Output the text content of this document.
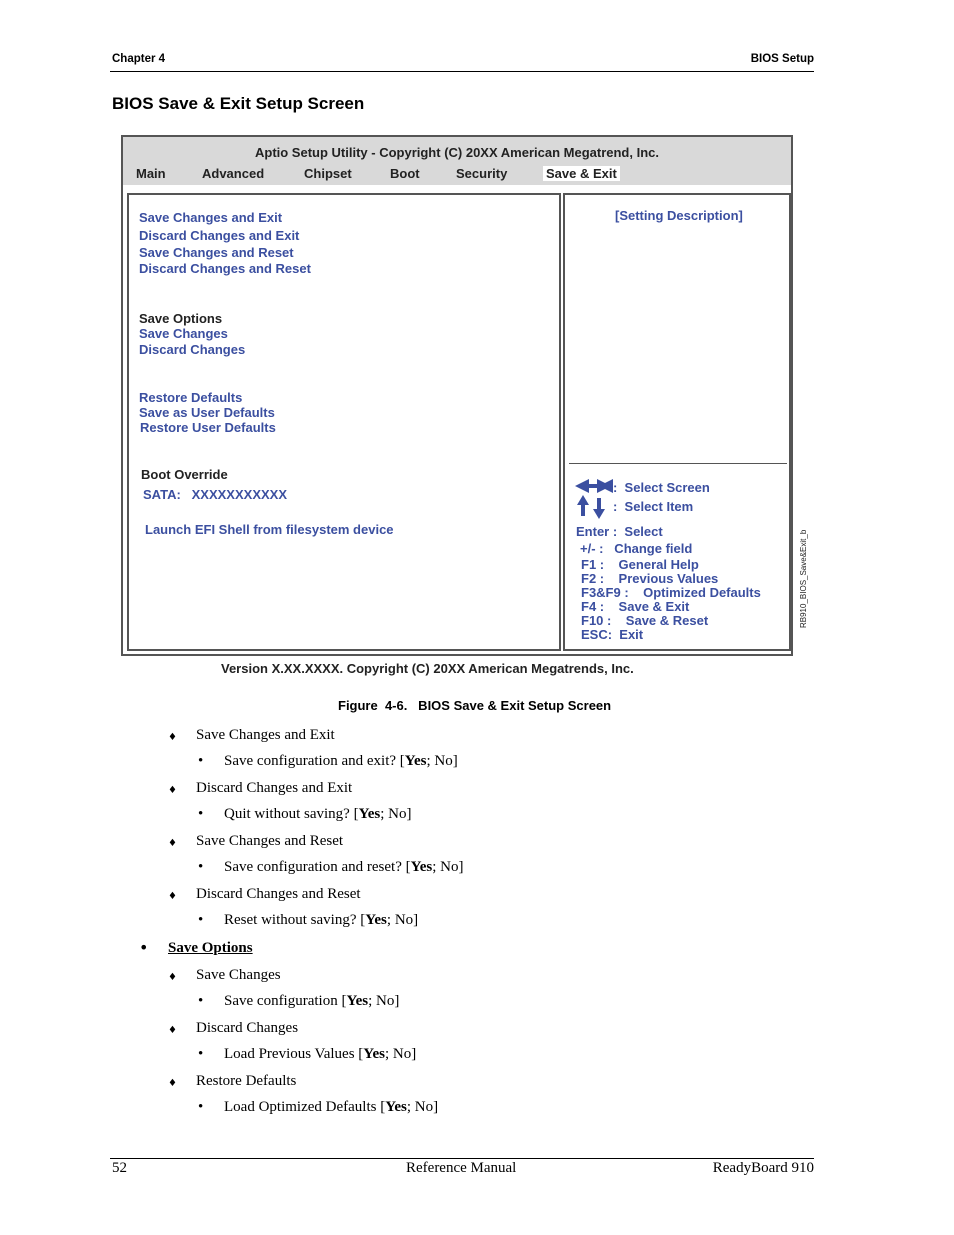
Chapter 4	BIOS Setup
BIOS Save & Exit Setup Screen
Aptio Setup Utility - Copyright (C) 20XX American Megatrend, Inc.
Main	Advanced	Chipset	Boot	Security	Save & Exit
Save Changes and Exit
Discard Changes and Exit
Save Changes and Reset
Discard Changes and Reset
Save Options
Save Changes
Discard Changes
Restore Defaults
Save as User Defaults
Restore User Defaults
Boot Override
SATA:   XXXXXXXXXXX
Launch EFI Shell from filesystem device
[Setting Description]
:  Select Screen
:  Select Item
Enter :  Select
+/- :   Change field
F1 :    General Help
F2 :    Previous Values
F3&F9 :    Optimized Defaults
F4 :    Save & Exit
F10 :    Save & Reset
ESC:  Exit
Version X.XX.XXXX. Copyright (C) 20XX American Megatrends, Inc.
RB910_BIOS_Save&Exit_b
Figure  4-6.   BIOS Save & Exit Setup Screen
♦ Save Changes and Exit
• Save configuration and exit? [Yes; No]
♦ Discard Changes and Exit
• Quit without saving? [Yes; No]
♦ Save Changes and Reset
• Save configuration and reset? [Yes; No]
♦ Discard Changes and Reset
• Reset without saving? [Yes; No]
• Save Options
♦ Save Changes
• Save configuration [Yes; No]
♦ Discard Changes
• Load Previous Values [Yes; No]
♦ Restore Defaults
• Load Optimized Defaults [Yes; No]
52	Reference Manual	ReadyBoard 910
